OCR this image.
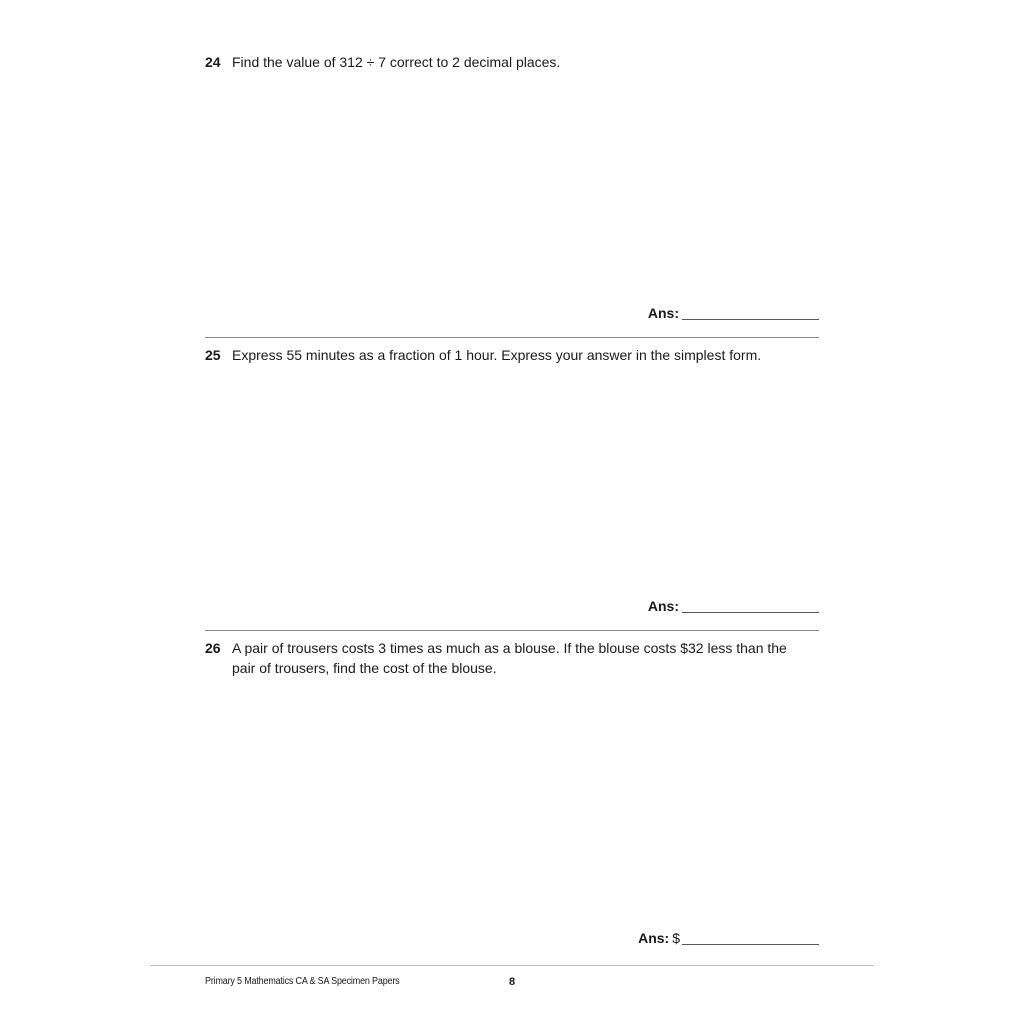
24 Find the value of 312 ÷ 7 correct to 2 decimal places.
Ans:
25 Express 55 minutes as a fraction of 1 hour. Express your answer in the simplest form.
Ans:
26 A pair of trousers costs 3 times as much as a blouse. If the blouse costs $32 less than the pair of trousers, find the cost of the blouse.
Ans: $
Primary 5 Mathematics CA & SA Specimen Papers	8
